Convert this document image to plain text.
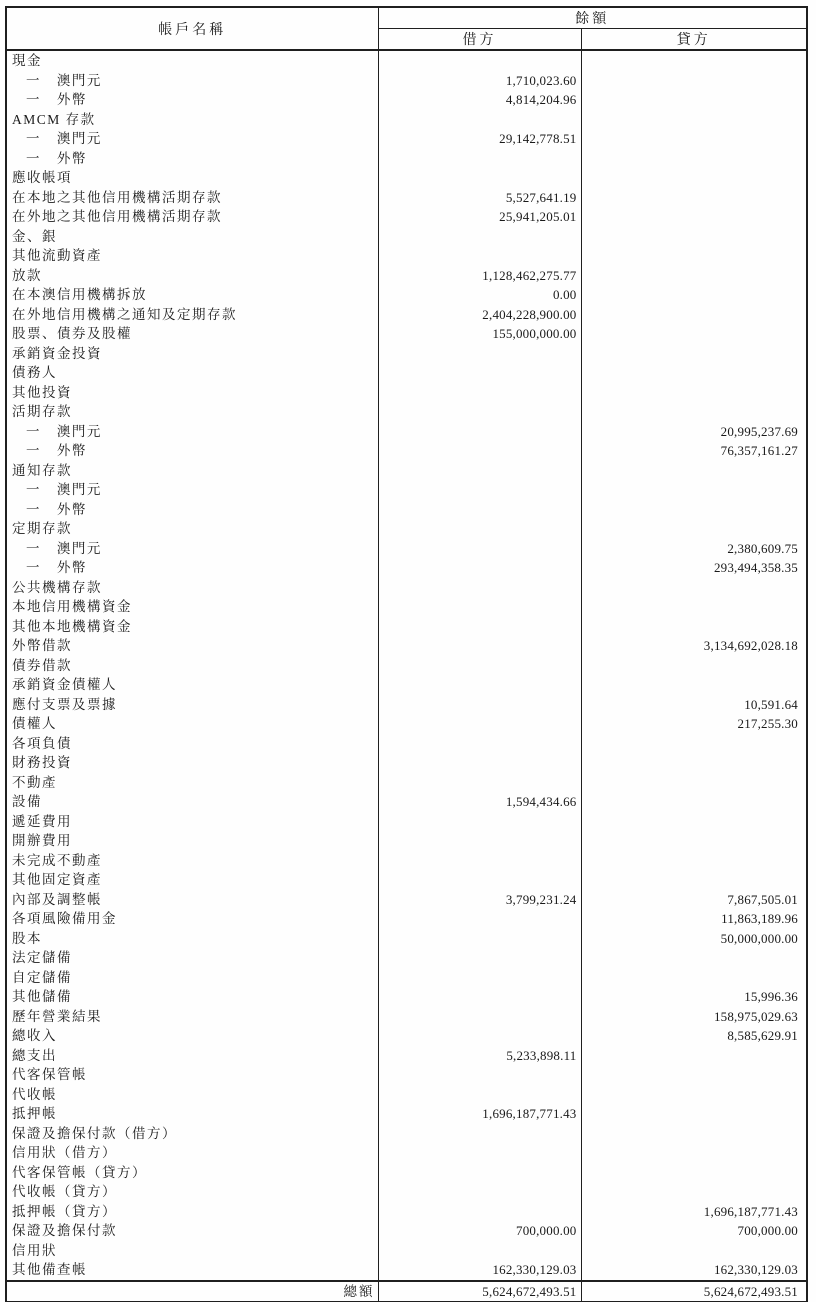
帳戶名稱	餘額	
	借方	貸方
現金		
一 澳門元	1,710,023.60	
一 外幣	4,814,204.96	
AMCM 存款		
一 澳門元	29,142,778.51	
一 外幣		
應收帳項		
在本地之其他信用機構活期存款	5,527,641.19	
在外地之其他信用機構活期存款	25,941,205.01	
金、銀		
其他流動資產		
放款	1,128,462,275.77	
在本澳信用機構拆放	0.00	
在外地信用機構之通知及定期存款	2,404,228,900.00	
股票、債券及股權	155,000,000.00	
承銷資金投資		
債務人		
其他投資		
活期存款		
一 澳門元		20,995,237.69
一 外幣		76,357,161.27
通知存款		
一 澳門元		
一 外幣		
定期存款		
一 澳門元		2,380,609.75
一 外幣		293,494,358.35
公共機構存款		
本地信用機構資金		
其他本地機構資金		
外幣借款		3,134,692,028.18
債券借款		
承銷資金債權人		
應付支票及票據		10,591.64
債權人		217,255.30
各項負債		
財務投資		
不動產		
設備	1,594,434.66	
遞延費用		
開辦費用		
未完成不動產		
其他固定資產		
內部及調整帳	3,799,231.24	7,867,505.01
各項風險備用金		11,863,189.96
股本		50,000,000.00
法定儲備		
自定儲備		
其他儲備		15,996.36
歷年營業結果		158,975,029.63
總收入		8,585,629.91
總支出	5,233,898.11	
代客保管帳		
代收帳		
抵押帳	1,696,187,771.43	
保證及擔保付款（借方）		
信用狀（借方）		
代客保管帳（貸方）		
代收帳（貸方）		
抵押帳（貸方）		1,696,187,771.43
保證及擔保付款	700,000.00	700,000.00
信用狀		
其他備查帳	162,330,129.03	162,330,129.03
總額	5,624,672,493.51	5,624,672,493.51
